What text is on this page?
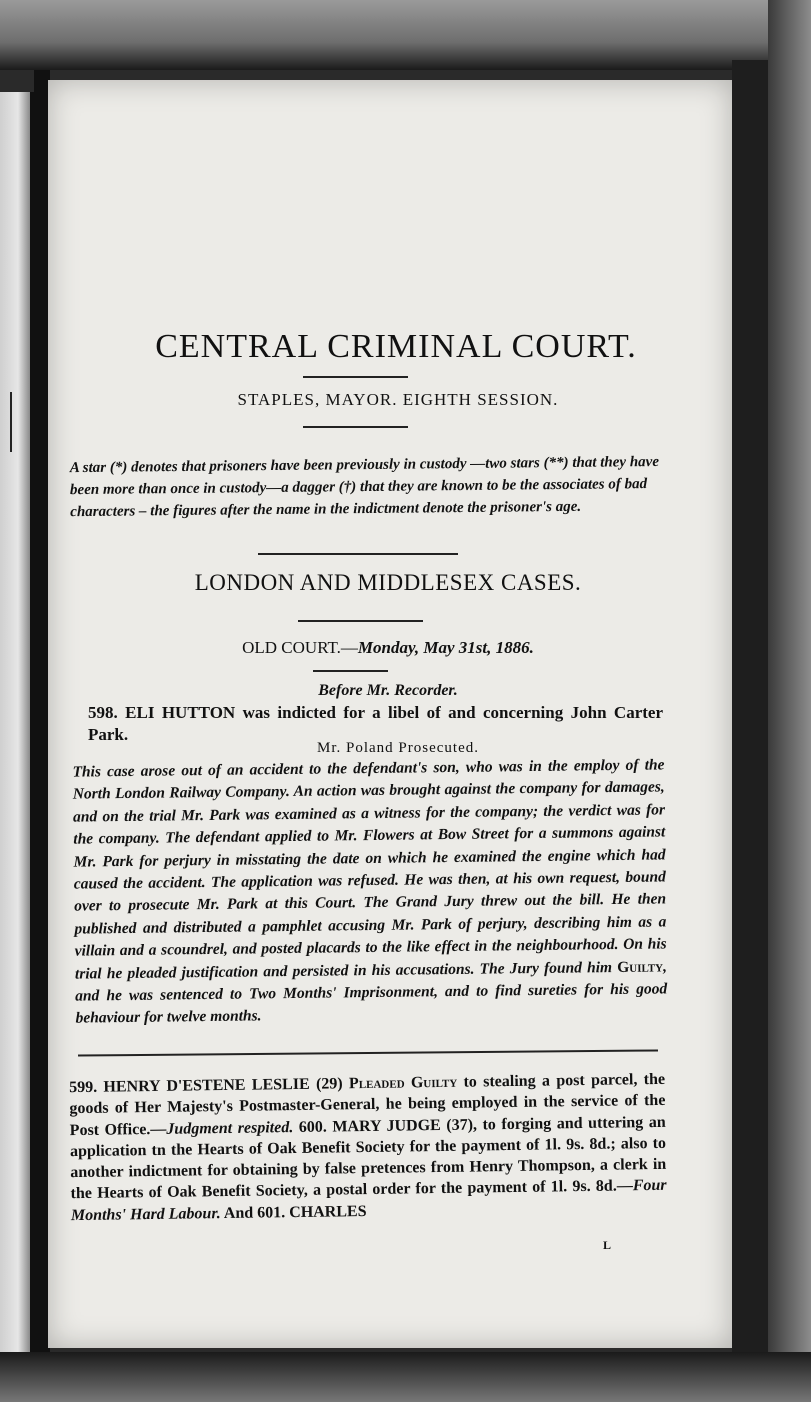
CENTRAL CRIMINAL COURT.
STAPLES, MAYOR. EIGHTH SESSION.
A star (*) denotes that prisoners have been previously in custody —two stars (**) that they have been more than once in custody—a dagger (†) that they are known to be the associates of bad characters – the figures after the name in the indictment denote the prisoner's age.
LONDON AND MIDDLESEX CASES.
OLD COURT.—Monday, May 31st, 1886.
Before Mr. Recorder.
598. ELI HUTTON was indicted for a libel of and concerning John Carter Park.
Mr. Poland Prosecuted.
This case arose out of an accident to the defendant's son, who was in the employ of the North London Railway Company. An action was brought against the company for damages, and on the trial Mr. Park was examined as a witness for the company; the verdict was for the company. The defendant applied to Mr. Flowers at Bow Street for a summons against Mr. Park for perjury in misstating the date on which he examined the engine which had caused the accident. The application was refused. He was then, at his own request, bound over to prosecute Mr. Park at this Court. The Grand Jury threw out the bill. He then published and distributed a pamphlet accusing Mr. Park of perjury, describing him as a villain and a scoundrel, and posted placards to the like effect in the neighbourhood. On his trial he pleaded justification and persisted in his accusations. The Jury found him Guilty, and he was sentenced to Two Months' Imprisonment, and to find sureties for his good behaviour for twelve months.
599. HENRY D'ESTENE LESLIE (29) Pleaded Guilty to stealing a post parcel, the goods of Her Majesty's Postmaster-General, he being employed in the service of the Post Office.—Judgment respited. 600. MARY JUDGE (37), to forging and uttering an application tn the Hearts of Oak Benefit Society for the payment of 1l. 9s. 8d.; also to another indictment for obtaining by false pretences from Henry Thompson, a clerk in the Hearts of Oak Benefit Society, a postal order for the payment of 1l. 9s. 8d.—Four Months' Hard Labour. And 601. CHARLES
L
